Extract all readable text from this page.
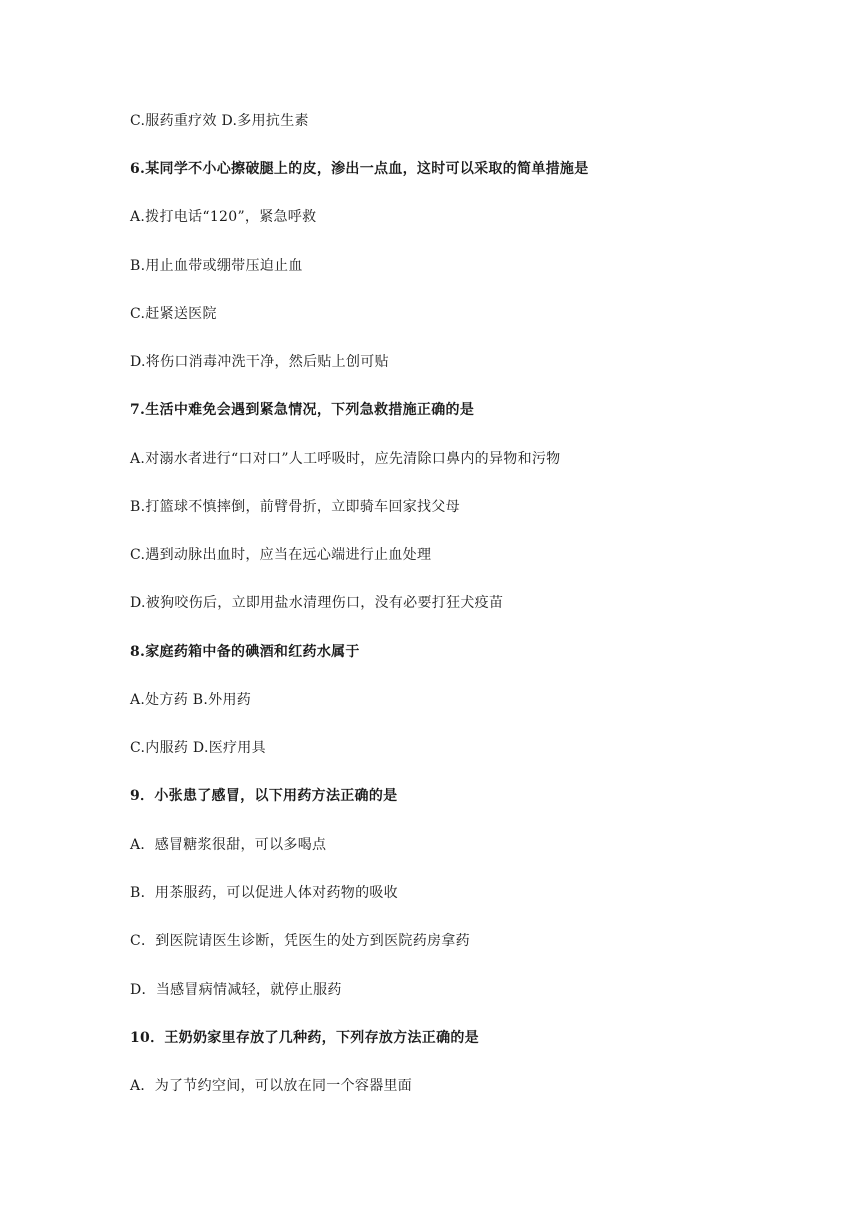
C.服药重疗效 D.多用抗生素
6.某同学不小心擦破腿上的皮，渗出一点血，这时可以采取的简单措施是
A.拨打电话“120”，紧急呼救
B.用止血带或绷带压迫止血
C.赶紧送医院
D.将伤口消毒冲洗干净，然后贴上创可贴
7.生活中难免会遇到紧急情况，下列急救措施正确的是
A.对溺水者进行“口对口”人工呼吸时，应先清除口鼻内的异物和污物
B.打篮球不慎摔倒，前臂骨折，立即骑车回家找父母
C.遇到动脉出血时，应当在远心端进行止血处理
D.被狗咬伤后，立即用盐水清理伤口，没有必要打狂犬疫苗
8.家庭药箱中备的碘酒和红药水属于
A.处方药 B.外用药
C.内服药 D.医疗用具
9．小张患了感冒，以下用药方法正确的是
A．感冒糖浆很甜，可以多喝点
B．用茶服药，可以促进人体对药物的吸收
C．到医院请医生诊断，凭医生的处方到医院药房拿药
D．当感冒病情减轻，就停止服药
10．王奶奶家里存放了几种药，下列存放方法正确的是
A．为了节约空间，可以放在同一个容器里面
